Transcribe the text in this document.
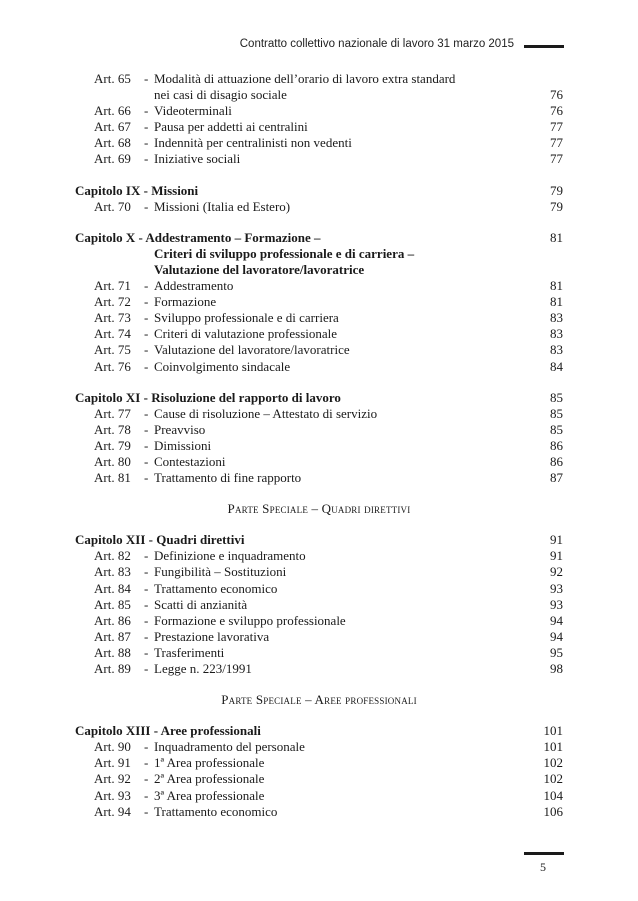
Contratto collettivo nazionale di lavoro 31 marzo 2015
Art. 65 - Modalità di attuazione dell’orario di lavoro extra standard
nei casi di disagio sociale	76
Art. 66 - Videoterminali	76
Art. 67 - Pausa per addetti ai centralini	77
Art. 68 - Indennità per centralinisti non vedenti	77
Art. 69 - Iniziative sociali	77
Capitolo IX - Missioni	79
Art. 70 - Missioni (Italia ed Estero)	79
Capitolo X - Addestramento – Formazione –	81
Criteri di sviluppo professionale e di carriera –
Valutazione del lavoratore/lavoratrice
Art. 71 - Addestramento	81
Art. 72 - Formazione	81
Art. 73 - Sviluppo professionale e di carriera	83
Art. 74 - Criteri di valutazione professionale	83
Art. 75 - Valutazione del lavoratore/lavoratrice	83
Art. 76 - Coinvolgimento sindacale	84
Capitolo XI - Risoluzione del rapporto di lavoro	85
Art. 77 - Cause di risoluzione – Attestato di servizio	85
Art. 78 - Preavviso	85
Art. 79 - Dimissioni	86
Art. 80 - Contestazioni	86
Art. 81 - Trattamento di fine rapporto	87
Parte Speciale – Quadri direttivi
Capitolo XII - Quadri direttivi	91
Art. 82 - Definizione e inquadramento	91
Art. 83 - Fungibilità – Sostituzioni	92
Art. 84 - Trattamento economico	93
Art. 85 - Scatti di anzianità	93
Art. 86 - Formazione e sviluppo professionale	94
Art. 87 - Prestazione lavorativa	94
Art. 88 - Trasferimenti	95
Art. 89 - Legge n. 223/1991	98
Parte Speciale – Aree professionali
Capitolo XIII - Aree professionali	101
Art. 90 - Inquadramento del personale	101
Art. 91 - 1ª Area professionale	102
Art. 92 - 2ª Area professionale	102
Art. 93 - 3ª Area professionale	104
Art. 94 - Trattamento economico	106
5
